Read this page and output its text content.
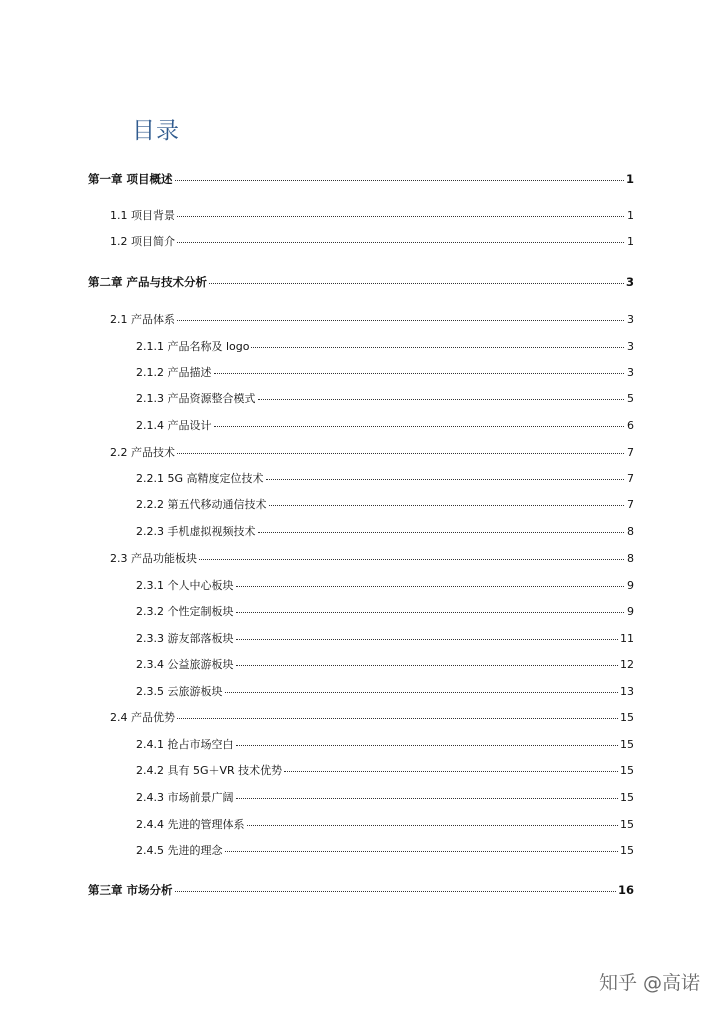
目录
第一章 项目概述	1
1.1 项目背景	1
1.2 项目简介	1
第二章 产品与技术分析	3
2.1 产品体系	3
2.1.1 产品名称及 logo	3
2.1.2 产品描述	3
2.1.3 产品资源整合模式	5
2.1.4 产品设计	6
2.2 产品技术	7
2.2.1 5G 高精度定位技术	7
2.2.2 第五代移动通信技术	7
2.2.3 手机虚拟视频技术	8
2.3 产品功能板块	8
2.3.1 个人中心板块	9
2.3.2 个性定制板块	9
2.3.3 游友部落板块	11
2.3.4 公益旅游板块	12
2.3.5 云旅游板块	13
2.4 产品优势	15
2.4.1 抢占市场空白	15
2.4.2 具有 5G＋VR 技术优势	15
2.4.3 市场前景广阔	15
2.4.4 先进的管理体系	15
2.4.5 先进的理念	15
第三章 市场分析	16
知乎 @高诺
